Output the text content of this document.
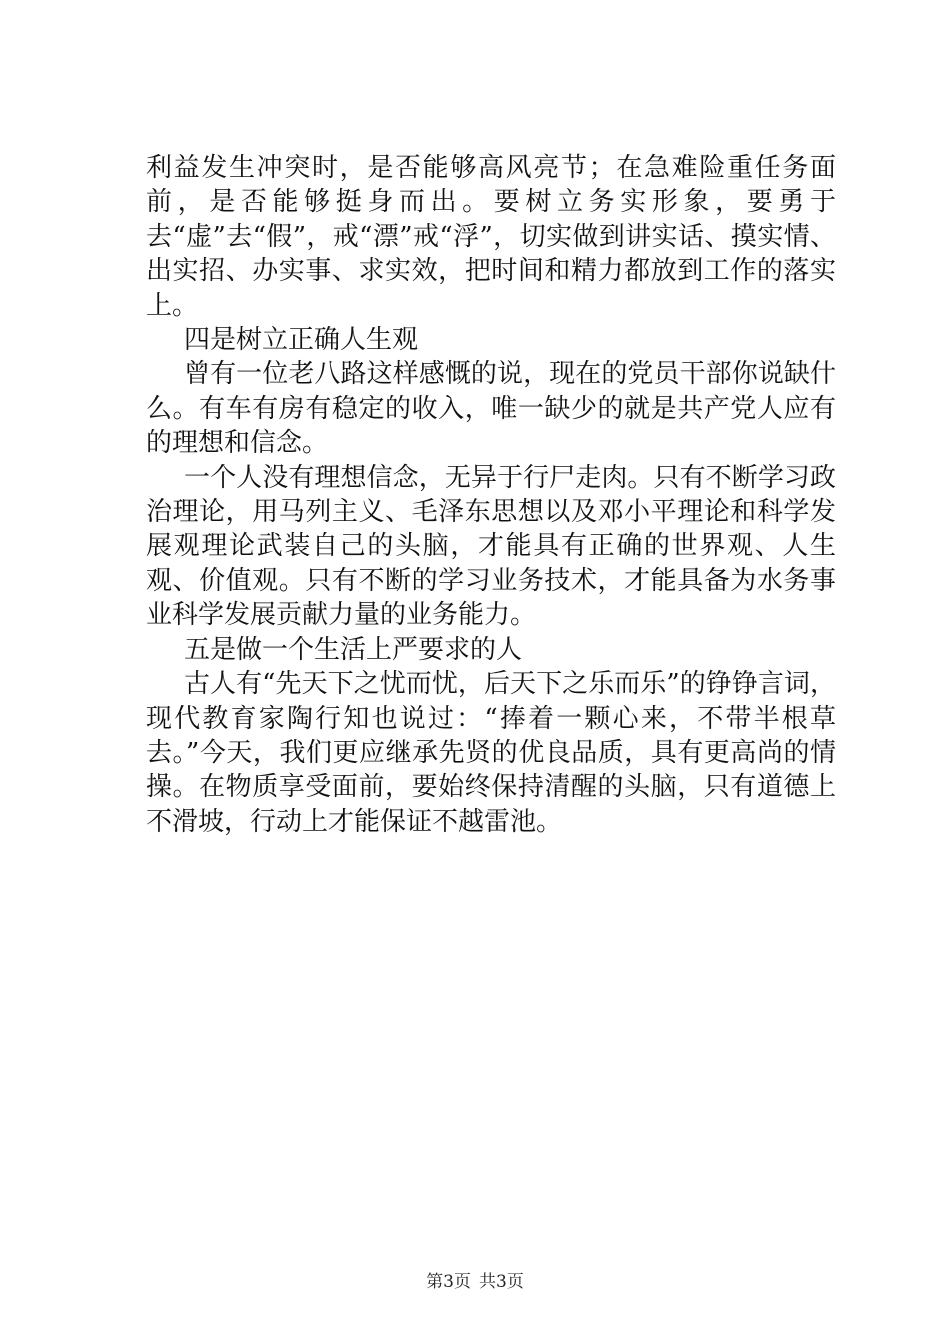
利益发生冲突时，是否能够高风亮节；在急难险重任务面前，是否能够挺身而出。要树立务实形象，要勇于去“虚”去“假”，戒“漂”戒“浮”，切实做到讲实话、摸实情、出实招、办实事、求实效，把时间和精力都放到工作的落实上。

四是树立正确人生观

曾有一位老八路这样感慨的说，现在的党员干部你说缺什么。有车有房有稳定的收入，唯一缺少的就是共产党人应有的理想和信念。

一个人没有理想信念，无异于行尸走肉。只有不断学习政治理论，用马列主义、毛泽东思想以及邓小平理论和科学发展观理论武装自己的头脑，才能具有正确的世界观、人生观、价值观。只有不断的学习业务技术，才能具备为水务事业科学发展贡献力量的业务能力。

五是做一个生活上严要求的人

古人有“先天下之忧而忧，后天下之乐而乐”的铮铮言词，现代教育家陶行知也说过：“捧着一颗心来，不带半根草去。”今天，我们更应继承先贤的优良品质，具有更高尚的情操。在物质享受面前，要始终保持清醒的头脑，只有道德上不滑坡，行动上才能保证不越雷池。

第3页 共3页
